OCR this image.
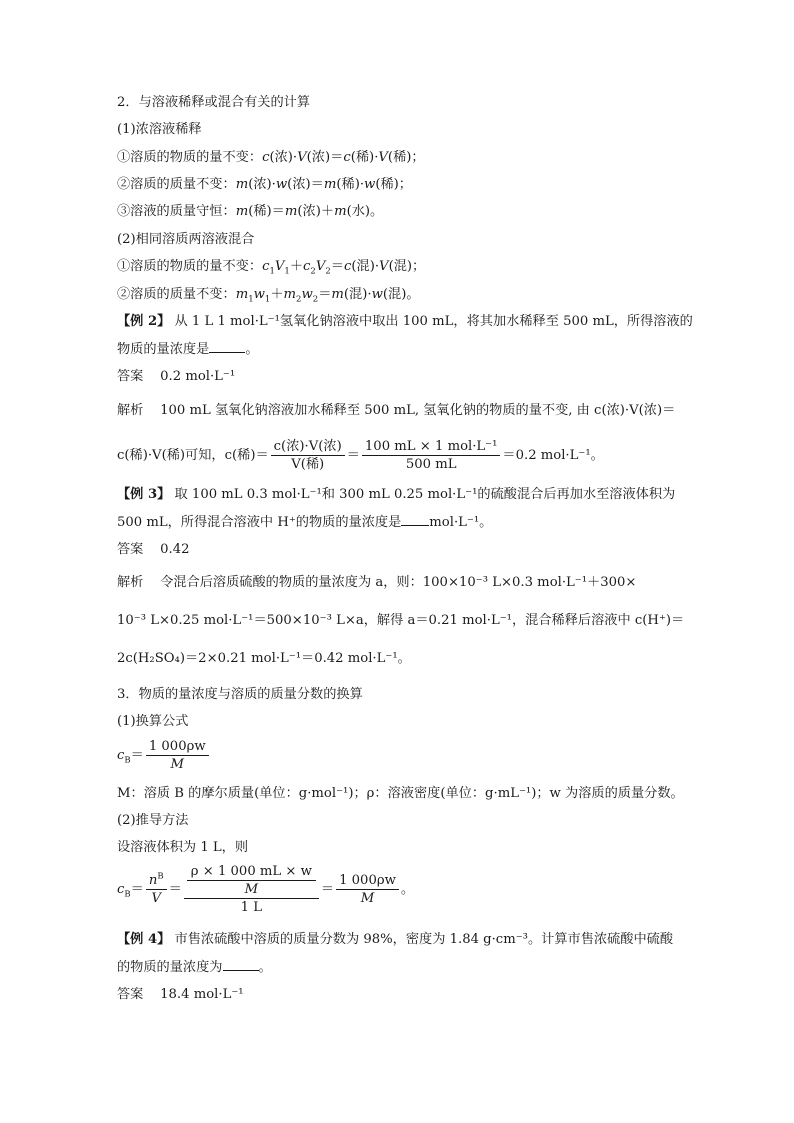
2．与溶液稀释或混合有关的计算
(1)浓溶液稀释
①溶质的物质的量不变：c(浓)·V(浓)＝c(稀)·V(稀)；
②溶质的质量不变：m(浓)·w(浓)＝m(稀)·w(稀)；
③溶液的质量守恒：m(稀)＝m(浓)＋m(水)。
(2)相同溶质两溶液混合
①溶质的物质的量不变：$c_1V_1+c_2V_2=c$(混)·V(混)；
②溶质的质量不变：$m_1w_1+m_2w_2=m$(混)·w(混)。
【例 2】 从 1 L 1 mol·L⁻¹氢氧化钠溶液中取出 100 mL，将其加水稀释至 500 mL，所得溶液的
物质的量浓度是	。
答案 0.2 mol·L⁻¹
解析 100 mL 氢氧化钠溶液加水稀释至 500 mL, 氢氧化钠的物质的量不变, 由 c(浓)·V(浓)＝
c(稀)·V(稀)可知，c(稀)＝ $\frac{\text{c(浓)·V(浓)}}{\text{V(稀)}} = \frac{\text{100 mL × 1 mol·L⁻¹}}{500 mL} =0.2$ mol·L⁻¹。
【例 3】 取 100 mL 0.3 mol·L⁻¹和 300 mL 0.25 mol·L⁻¹的硫酸混合后再加水至溶液体积为
500 mL，所得混合溶液中 H⁺的物质的量浓度是 mol·L⁻¹。
答案 0.42
解析 令混合后溶质硫酸的物质的量浓度为 a，则：100×10⁻³ L×0.3 mol·L⁻¹＋300×
10⁻³ L×0.25 mol·L⁻¹＝500×10⁻³ L×a，解得 a＝0.21 mol·L⁻¹，混合稀释后溶液中 c(H⁺)＝
2c(H₂SO₄)＝2×0.21 mol·L⁻¹＝0.42 mol·L⁻¹。
3．物质的量浓度与溶质的质量分数的换算
(1)换算公式
$c_B= \frac{1 000\rho w}{M}$
M：溶质 B 的摩尔质量(单位：g·mol⁻¹)；ρ：溶液密度(单位：g·mL⁻¹)；w 为溶质的质量分数。
(2)推导方法
设溶液体积为 1 L，则
$c_B= \frac{n^B}{V} = \frac{\frac{\rho \times 1 000 mL \times w}{M}}{1 L} = \frac{1 000\rho w}{M}$ 。
【例 4】 市售浓硫酸中溶质的质量分数为 98%，密度为 1.84 g·cm⁻³。计算市售浓硫酸中硫酸
的物质的量浓度为	。
答案 18.4 mol·L⁻¹
